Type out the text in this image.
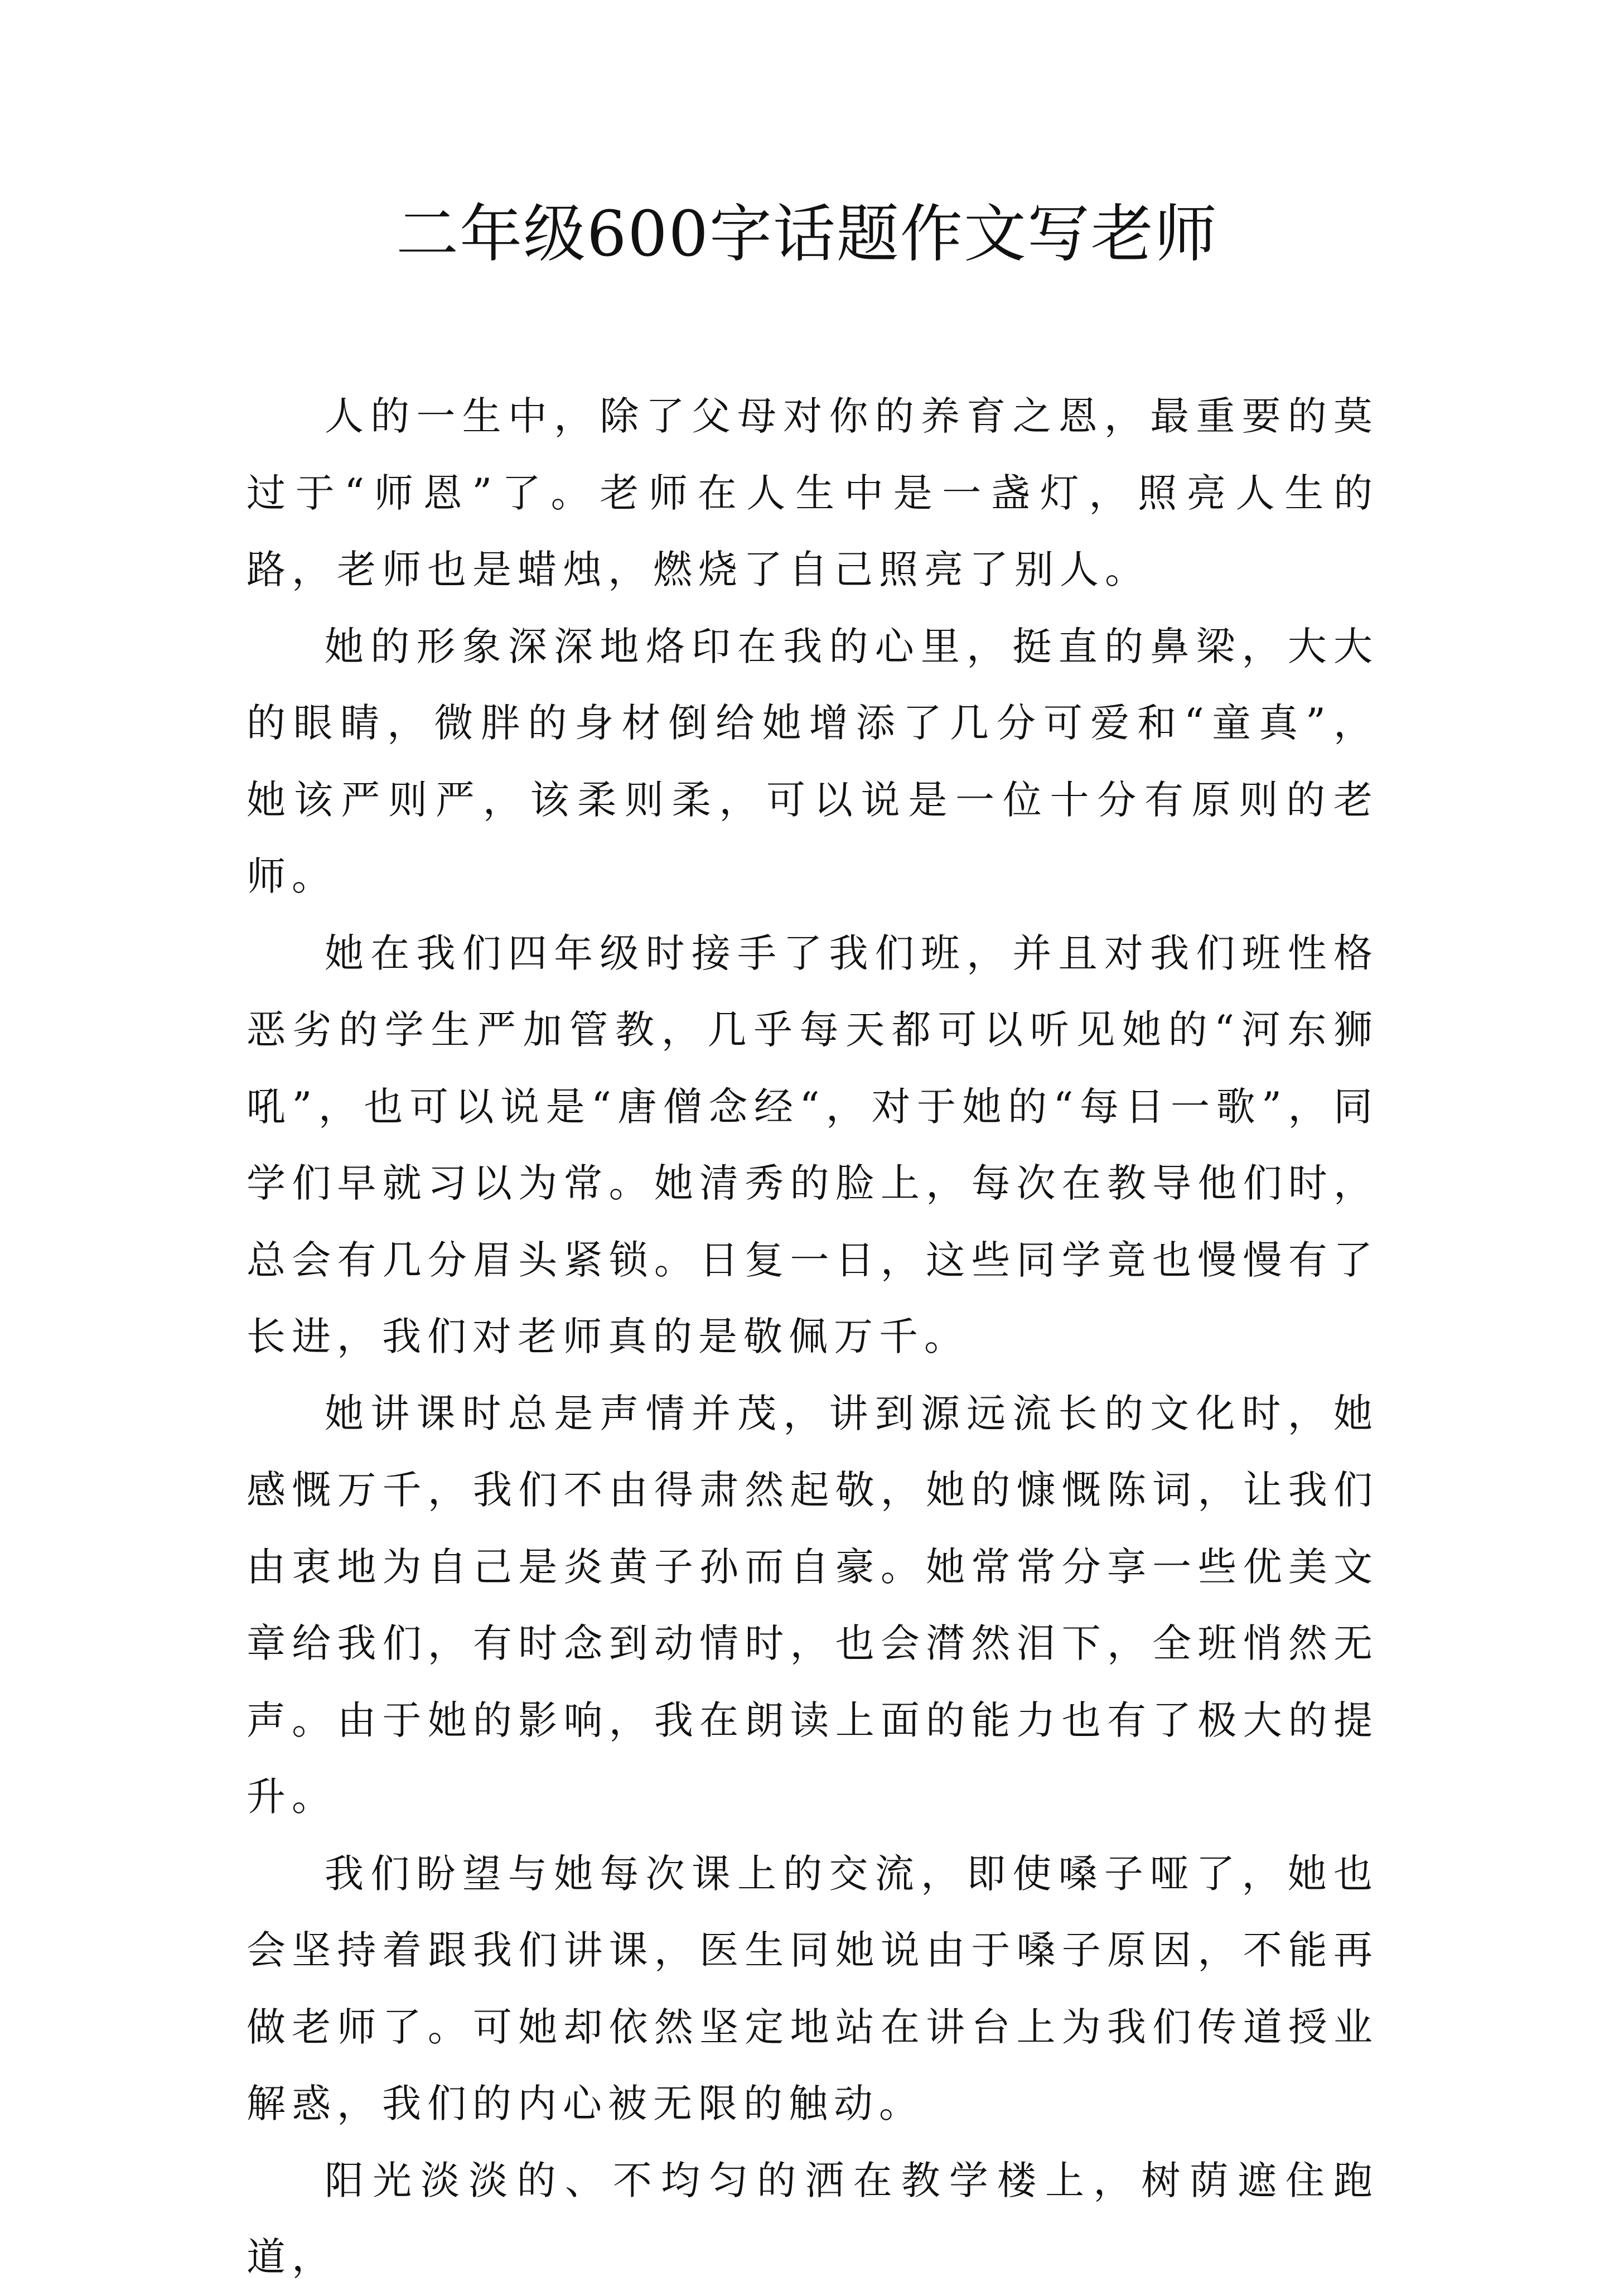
二年级600字话题作文写老师

人的一生中，除了父母对你的养育之恩，最重要的莫过于“师恩”了。老师在人生中是一盏灯，照亮人生的路，老师也是蜡烛，燃烧了自己照亮了别人。

她的形象深深地烙印在我的心里，挺直的鼻梁，大大的眼睛，微胖的身材倒给她增添了几分可爱和“童真”，她该严则严，该柔则柔，可以说是一位十分有原则的老师。

她在我们四年级时接手了我们班，并且对我们班性格恶劣的学生严加管教，几乎每天都可以听见她的“河东狮吼”，也可以说是“唐僧念经“，对于她的“每日一歌”，同学们早就习以为常。她清秀的脸上，每次在教导他们时，总会有几分眉头紧锁。日复一日，这些同学竟也慢慢有了长进，我们对老师真的是敬佩万千。

她讲课时总是声情并茂，讲到源远流长的文化时，她感慨万千，我们不由得肃然起敬，她的慷慨陈词，让我们由衷地为自己是炎黄子孙而自豪。她常常分享一些优美文章给我们，有时念到动情时，也会潸然泪下，全班悄然无声。由于她的影响，我在朗读上面的能力也有了极大的提升。

我们盼望与她每次课上的交流，即使嗓子哑了，她也会坚持着跟我们讲课，医生同她说由于嗓子原因，不能再做老师了。可她却依然坚定地站在讲台上为我们传道授业解惑，我们的内心被无限的触动。

阳光淡淡的、不均匀的洒在教学楼上，树荫遮住跑道，
